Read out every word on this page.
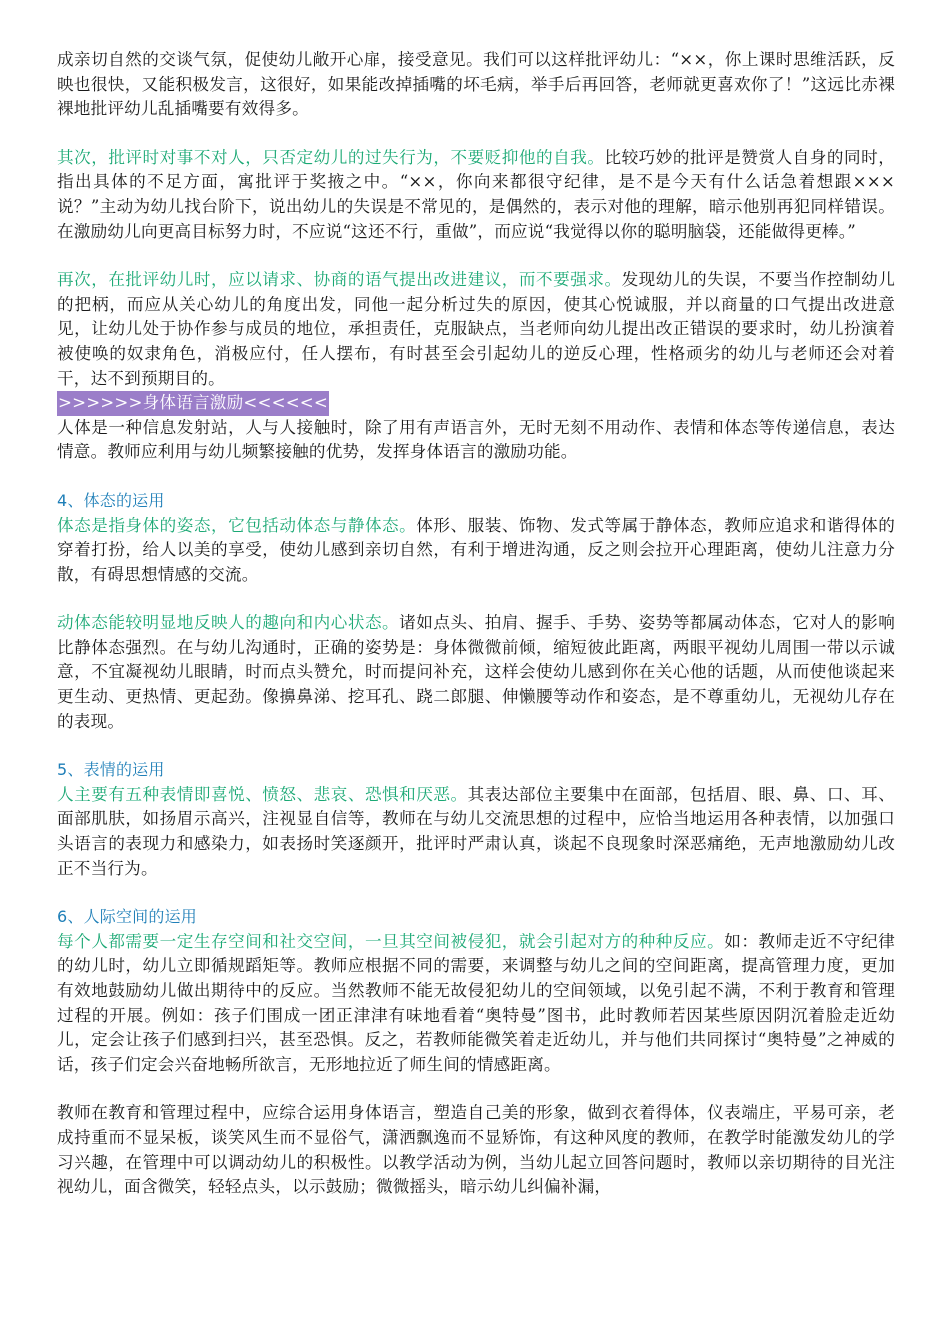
成亲切自然的交谈气氛，促使幼儿敞开心扉，接受意见。我们可以这样批评幼儿：“××，你上课时思维活跃，反映也很快，又能积极发言，这很好，如果能改掉插嘴的坏毛病，举手后再回答，老师就更喜欢你了！”这远比赤裸裸地批评幼儿乱插嘴要有效得多。

其次，批评时对事不对人，只否定幼儿的过失行为，不要贬抑他的自我。比较巧妙的批评是赞赏人自身的同时，指出具体的不足方面，寓批评于奖掖之中。“××，你向来都很守纪律，是不是今天有什么话急着想跟×××说？”主动为幼儿找台阶下，说出幼儿的失误是不常见的，是偶然的，表示对他的理解，暗示他别再犯同样错误。在激励幼儿向更高目标努力时，不应说“这还不行，重做”，而应说“我觉得以你的聪明脑袋，还能做得更棒。”

再次，在批评幼儿时，应以请求、协商的语气提出改进建议，而不要强求。发现幼儿的失误，不要当作控制幼儿的把柄，而应从关心幼儿的角度出发，同他一起分析过失的原因，使其心悦诚服，并以商量的口气提出改进意见，让幼儿处于协作参与成员的地位，承担责任，克服缺点，当老师向幼儿提出改正错误的要求时，幼儿扮演着被使唤的奴隶角色，消极应付，任人摆布，有时甚至会引起幼儿的逆反心理，性格顽劣的幼儿与老师还会对着干，达不到预期目的。

>>>>>>身体语言激励<<<<<<

人体是一种信息发射站，人与人接触时，除了用有声语言外，无时无刻不用动作、表情和体态等传递信息，表达情意。教师应利用与幼儿频繁接触的优势，发挥身体语言的激励功能。

4、体态的运用

体态是指身体的姿态，它包括动体态与静体态。体形、服装、饰物、发式等属于静体态，教师应追求和谐得体的穿着打扮，给人以美的享受，使幼儿感到亲切自然，有利于增进沟通，反之则会拉开心理距离，使幼儿注意力分散，有碍思想情感的交流。

动体态能较明显地反映人的趣向和内心状态。诸如点头、拍肩、握手、手势、姿势等都属动体态，它对人的影响比静体态强烈。在与幼儿沟通时，正确的姿势是：身体微微前倾，缩短彼此距离，两眼平视幼儿周围一带以示诚意，不宜凝视幼儿眼睛，时而点头赞允，时而提问补充，这样会使幼儿感到你在关心他的话题，从而使他谈起来更生动、更热情、更起劲。像擤鼻涕、挖耳孔、跷二郎腿、伸懒腰等动作和姿态，是不尊重幼儿，无视幼儿存在的表现。

5、表情的运用

人主要有五种表情即喜悦、愤怒、悲哀、恐惧和厌恶。其表达部位主要集中在面部，包括眉、眼、鼻、口、耳、面部肌肤，如扬眉示高兴，注视显自信等，教师在与幼儿交流思想的过程中，应恰当地运用各种表情，以加强口头语言的表现力和感染力，如表扬时笑逐颜开，批评时严肃认真，谈起不良现象时深恶痛绝，无声地激励幼儿改正不当行为。

6、人际空间的运用

每个人都需要一定生存空间和社交空间，一旦其空间被侵犯，就会引起对方的种种反应。如：教师走近不守纪律的幼儿时，幼儿立即循规蹈矩等。教师应根据不同的需要，来调整与幼儿之间的空间距离，提高管理力度，更加有效地鼓励幼儿做出期待中的反应。当然教师不能无故侵犯幼儿的空间领域，以免引起不满，不利于教育和管理过程的开展。例如：孩子们围成一团正津津有味地看着“奥特曼”图书，此时教师若因某些原因阴沉着脸走近幼儿，定会让孩子们感到扫兴，甚至恐惧。反之，若教师能微笑着走近幼儿，并与他们共同探讨“奥特曼”之神威的话，孩子们定会兴奋地畅所欲言，无形地拉近了师生间的情感距离。

教师在教育和管理过程中，应综合运用身体语言，塑造自己美的形象，做到衣着得体，仪表端庄，平易可亲，老成持重而不显呆板，谈笑风生而不显俗气，潇洒飘逸而不显矫饰，有这种风度的教师，在教学时能激发幼儿的学习兴趣，在管理中可以调动幼儿的积极性。以教学活动为例，当幼儿起立回答问题时，教师以亲切期待的目光注视幼儿，面含微笑，轻轻点头，以示鼓励；微微摇头，暗示幼儿纠偏补漏，
